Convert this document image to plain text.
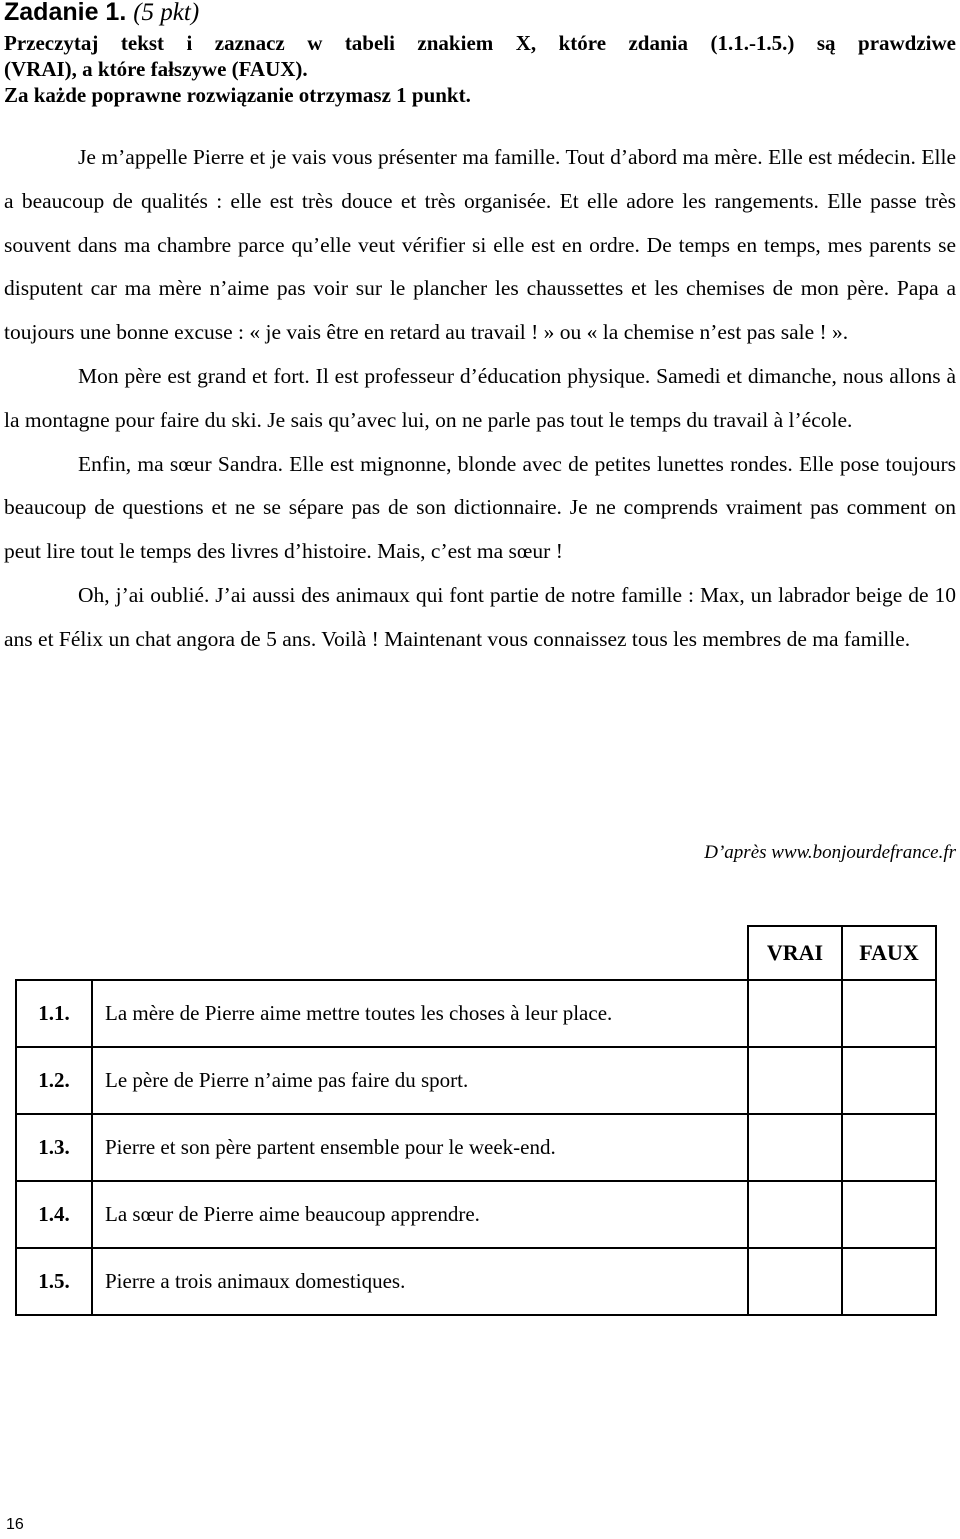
Zadanie 1. (5 pkt)
Przeczytaj tekst i zaznacz w tabeli znakiem X, które zdania (1.1.-1.5.) są prawdziwe
(VRAI), a które fałszywe (FAUX).
Za każde poprawne rozwiązanie otrzymasz 1 punkt.

Je m’appelle Pierre et je vais vous présenter ma famille. Tout d’abord ma mère. Elle est médecin. Elle a beaucoup de qualités : elle est très douce et très organisée. Et elle adore les rangements. Elle passe très souvent dans ma chambre parce qu’elle veut vérifier si elle est en ordre. De temps en temps, mes parents se disputent car ma mère n’aime pas voir sur le plancher les chaussettes et les chemises de mon père. Papa a toujours une bonne excuse : « je vais être en retard au travail ! » ou « la chemise n’est pas sale ! ».

Mon père est grand et fort. Il est professeur d’éducation physique. Samedi et dimanche, nous allons à la montagne pour faire du ski. Je sais qu’avec lui, on ne parle pas tout le temps du travail à l’école.

Enfin, ma sœur Sandra. Elle est mignonne, blonde avec de petites lunettes rondes. Elle pose toujours beaucoup de questions et ne se sépare pas de son dictionnaire. Je ne comprends vraiment pas comment on peut lire tout le temps des livres d’histoire. Mais, c’est ma sœur !

Oh, j’ai oublié. J’ai aussi des animaux qui font partie de notre famille : Max, un labrador beige de 10 ans et Félix un chat angora de 5 ans. Voilà ! Maintenant vous connaissez tous les membres de ma famille.

D’après www.bonjourdefrance.fr
		VRAI	FAUX
1.1.	La mère de Pierre aime mettre toutes les choses à leur place.		
1.2.	Le père de Pierre n’aime pas faire du sport.		
1.3.	Pierre et son père partent ensemble pour le week-end.		
1.4.	La sœur de Pierre aime beaucoup apprendre.		
1.5.	Pierre a trois animaux domestiques.		
16
